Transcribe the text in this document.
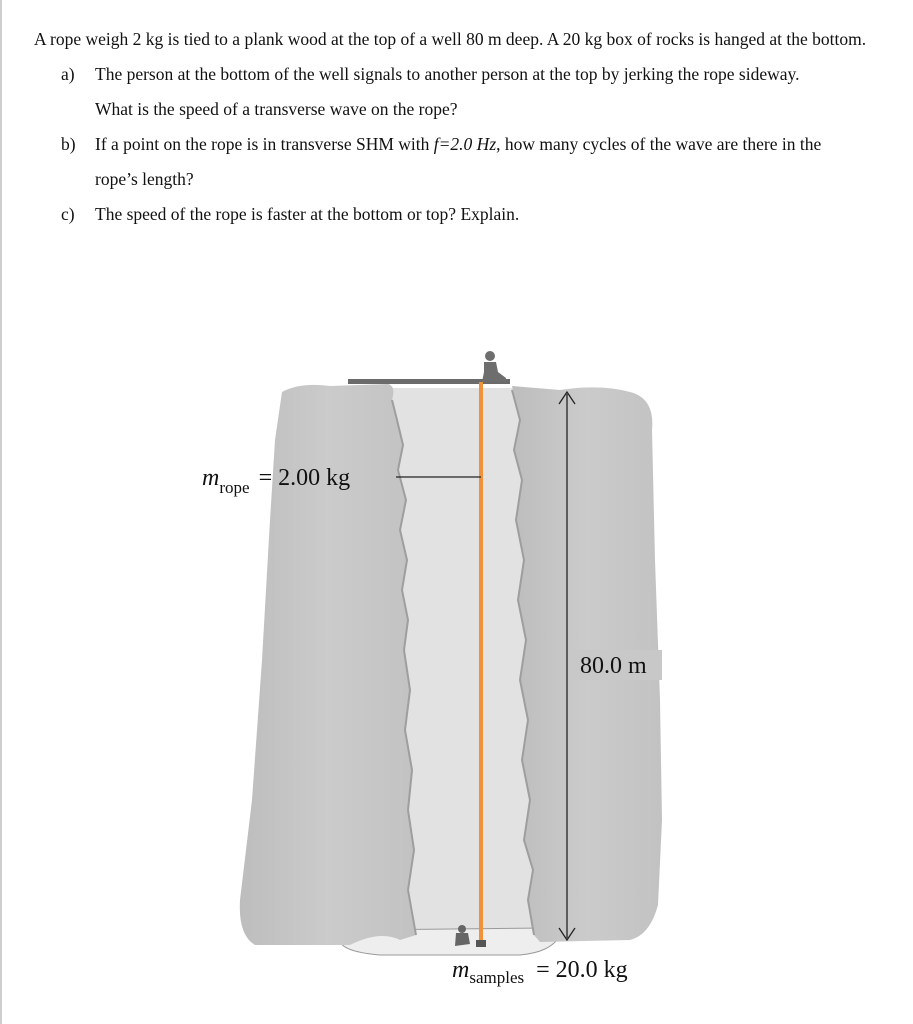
A rope weigh 2 kg is tied to a plank wood at the top of a well 80 m deep. A 20 kg box of rocks is hanged at the bottom.

a)	The person at the bottom of the well signals to another person at the top by jerking the rope sideway. What is the speed of a transverse wave on the rope?
b)	If a point on the rope is in transverse SHM with f=2.0 Hz, how many cycles of the wave are there in the rope’s length?
c)	The speed of the rope is faster at the bottom or top? Explain.
$m_{rope} = 2.00$ kg
80.0 m
$m_{samples} = 20.0$ kg
